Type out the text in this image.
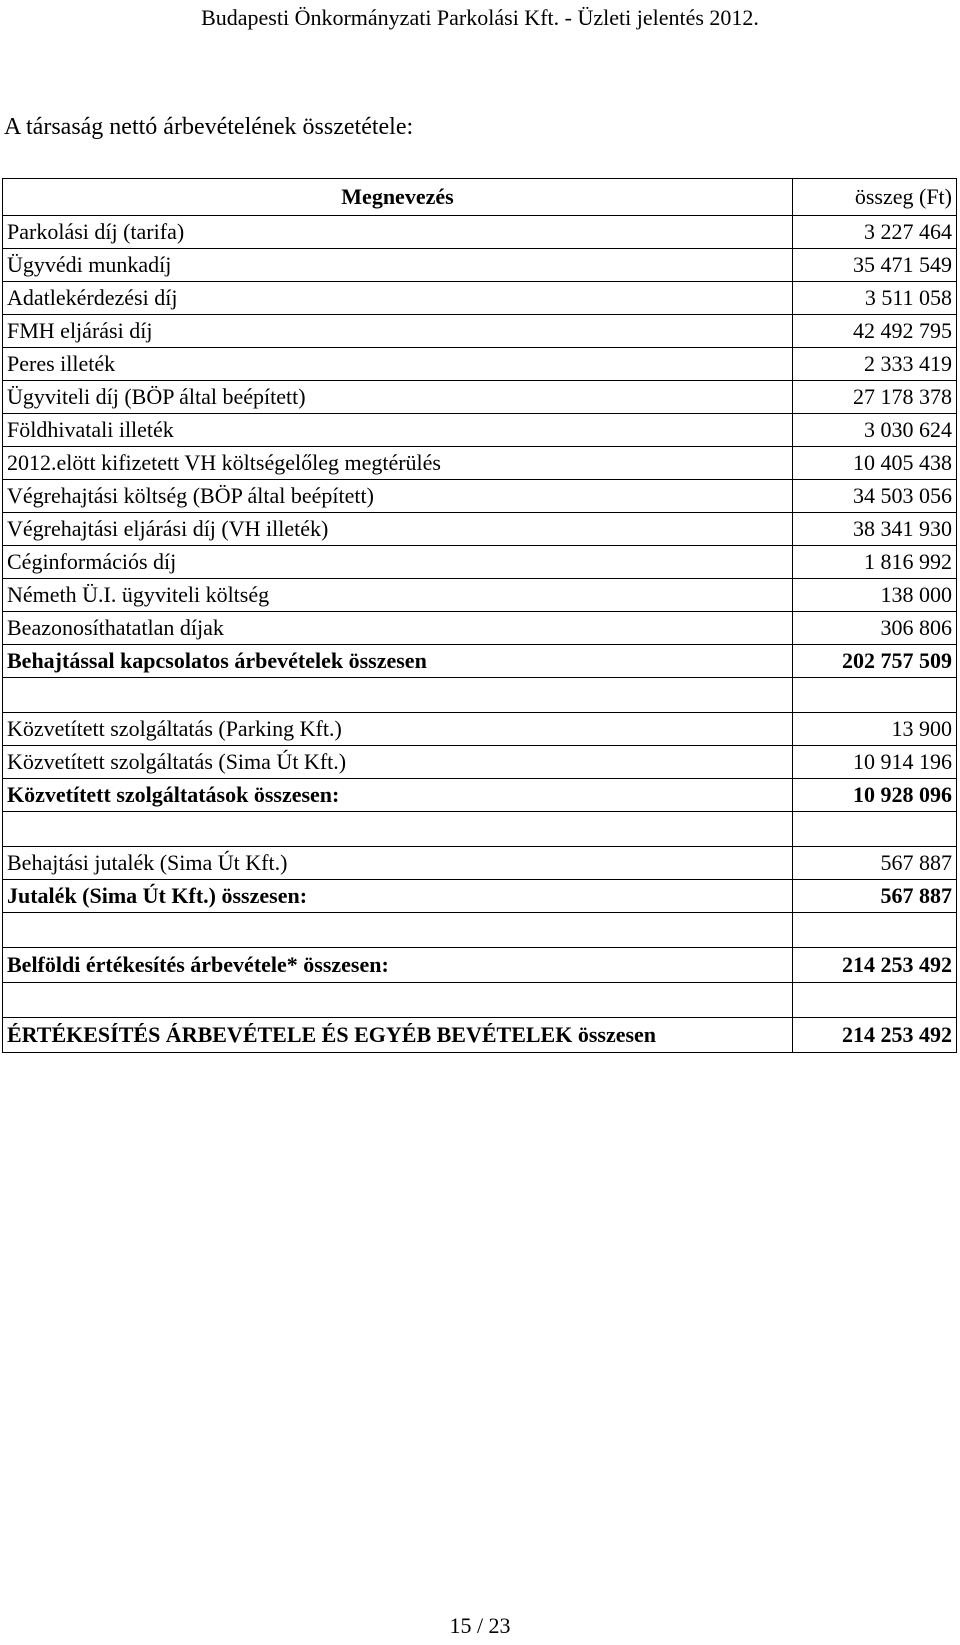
Budapesti Önkormányzati Parkolási Kft. - Üzleti jelentés 2012.
A társaság nettó árbevételének összetétele:
Megnevezés	összeg (Ft)
Parkolási díj (tarifa)	3 227 464
Ügyvédi munkadíj	35 471 549
Adatlekérdezési díj	3 511 058
FMH eljárási díj	42 492 795
Peres illeték	2 333 419
Ügyviteli díj (BÖP által beépített)	27 178 378
Földhivatali illeték	3 030 624
2012.elött kifizetett VH költségelőleg megtérülés	10 405 438
Végrehajtási költség (BÖP által beépített)	34 503 056
Végrehajtási eljárási díj (VH illeték)	38 341 930
Céginformációs díj	1 816 992
Németh Ü.I. ügyviteli költség	138 000
Beazonosíthatatlan díjak	306 806
Behajtással kapcsolatos árbevételek összesen	202 757 509

Közvetített szolgáltatás (Parking Kft.)	13 900
Közvetített szolgáltatás (Sima Út Kft.)	10 914 196
Közvetített szolgáltatások összesen:	10 928 096

Behajtási jutalék (Sima Út Kft.)	567 887
Jutalék (Sima Út Kft.) összesen:	567 887

Belföldi értékesítés árbevétele* összesen:	214 253 492

ÉRTÉKESÍTÉS ÁRBEVÉTELE ÉS EGYÉB BEVÉTELEK összesen	214 253 492
15 / 23
